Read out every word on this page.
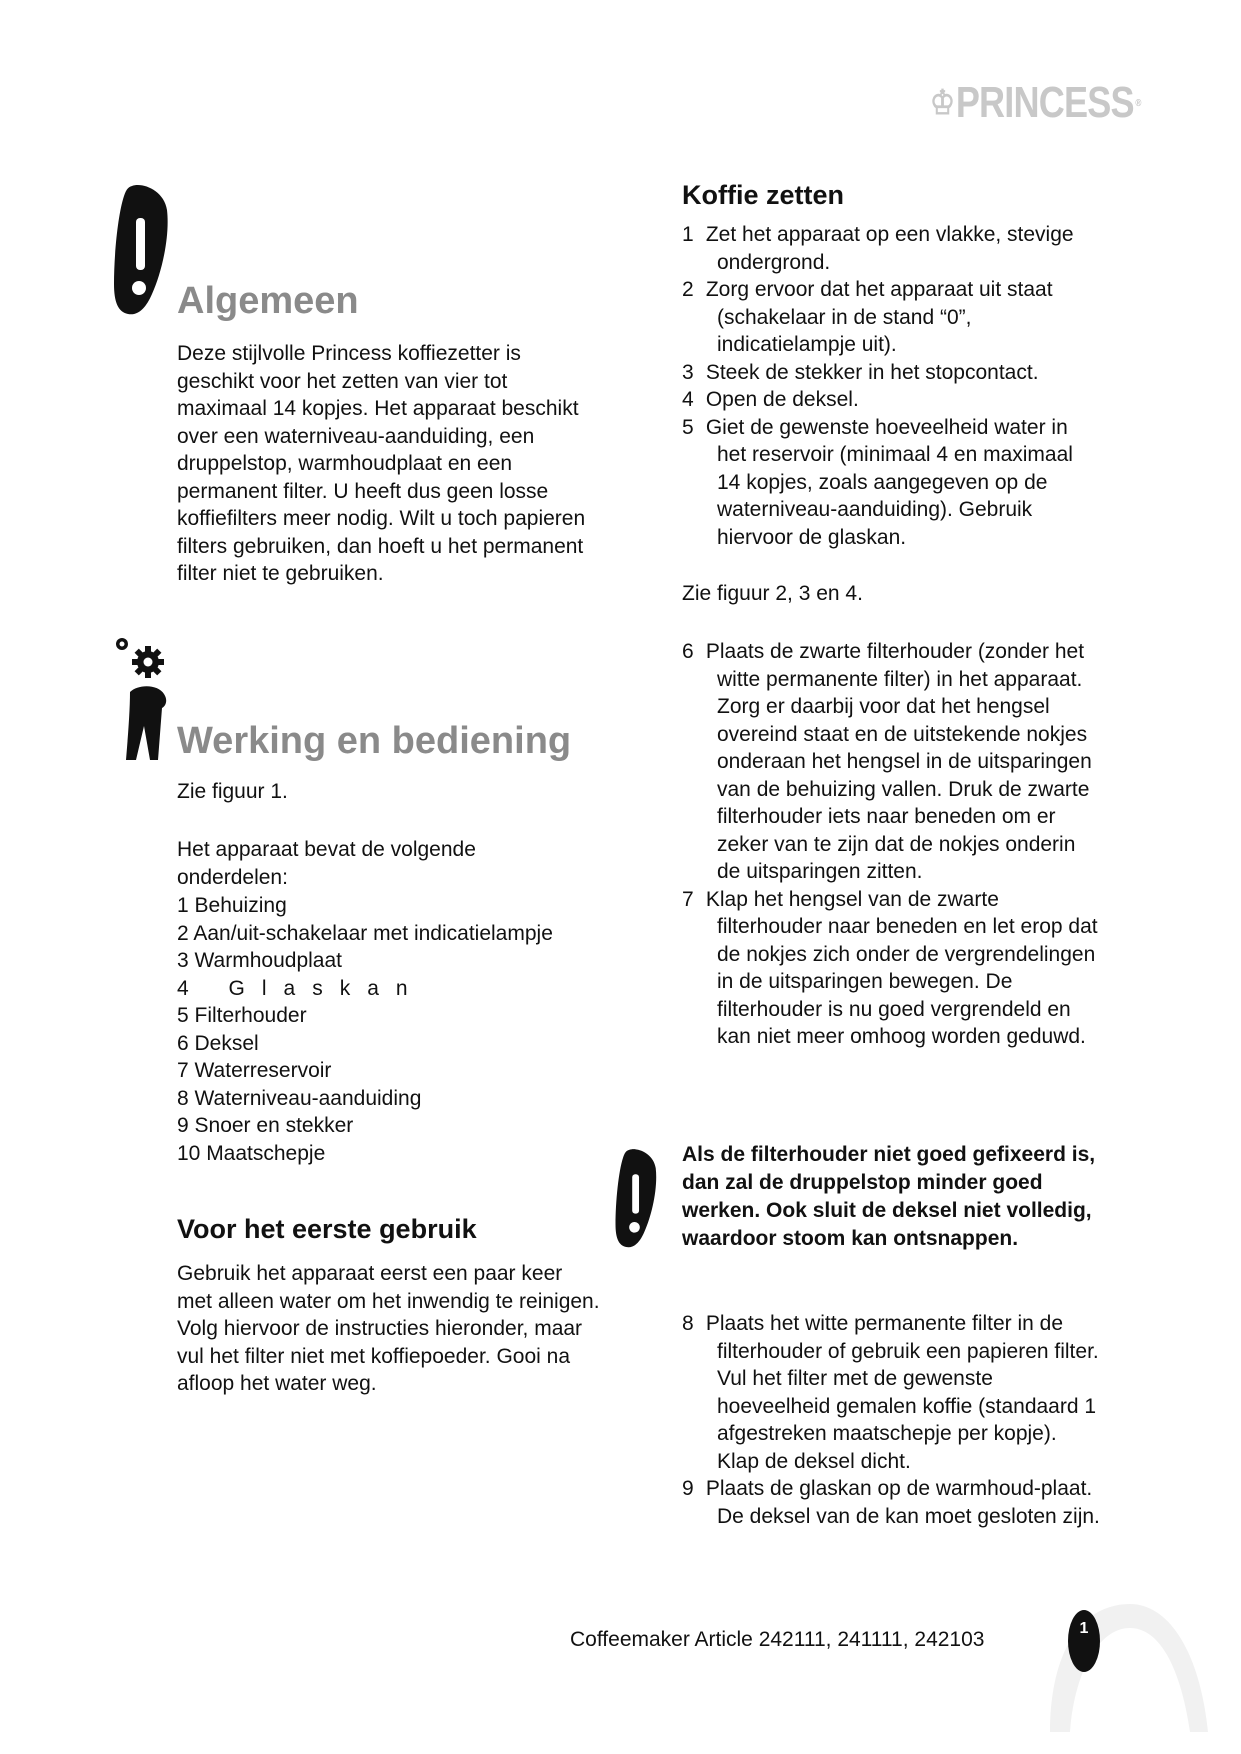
♔ PRINCESS ®
Algemeen

Deze stijlvolle Princess koffiezetter is geschikt voor het zetten van vier tot maximaal 14 kopjes. Het apparaat beschikt over een waterniveau-aanduiding, een druppelstop, warmhoudplaat en een permanent filter. U heeft dus geen losse koffiefilters meer nodig. Wilt u toch papieren filters gebruiken, dan hoeft u het permanent filter niet te gebruiken.

Werking en bediening

Zie figuur 1.

Het apparaat bevat de volgende onderdelen:

1 Behuizing
2 Aan/uit-schakelaar met indicatielampje
3 Warmhoudplaat
4 Glaskan
5 Filterhouder
6 Deksel
7 Waterreservoir
8 Waterniveau-aanduiding
9 Snoer en stekker
10 Maatschepje
Voor het eerste gebruik

Gebruik het apparaat eerst een paar keer met alleen water om het inwendig te reinigen. Volg hiervoor de instructies hieronder, maar vul het filter niet met koffiepoeder. Gooi na afloop het water weg.

Koffie zetten
1 Zet het apparaat op een vlakke, stevige ondergrond.
2 Zorg ervoor dat het apparaat uit staat (schakelaar in de stand “0”, indicatielampje uit).
3 Steek de stekker in het stopcontact.
4 Open de deksel.
5 Giet de gewenste hoeveelheid water in het reservoir (minimaal 4 en maximaal 14 kopjes, zoals aangegeven op de waterniveau-aanduiding). Gebruik hiervoor de glaskan.

Zie figuur 2, 3 en 4.

6 Plaats de zwarte filterhouder (zonder het witte permanente filter) in het apparaat. Zorg er daarbij voor dat het hengsel overeind staat en de uitstekende nokjes onderaan het hengsel in de uitsparingen van de behuizing vallen. Druk de zwarte filterhouder iets naar beneden om er zeker van te zijn dat de nokjes onderin de uitsparingen zitten.
7 Klap het hengsel van de zwarte filterhouder naar beneden en let erop dat de nokjes zich onder de vergrendelingen in de uitsparingen bewegen. De filterhouder is nu goed vergrendeld en kan niet meer omhoog worden geduwd.

Als de filterhouder niet goed gefixeerd is, dan zal de druppelstop minder goed werken. Ook sluit de deksel niet volledig, waardoor stoom kan ontsnappen.

8 Plaats het witte permanente filter in de filterhouder of gebruik een papieren filter. Vul het filter met de gewenste hoeveelheid gemalen koffie (standaard 1 afgestreken maatschepje per kopje). Klap de deksel dicht.
9 Plaats de glaskan op de warmhoud-plaat. De deksel van de kan moet gesloten zijn.
Coffeemaker Article 242111, 241111, 242103	1
